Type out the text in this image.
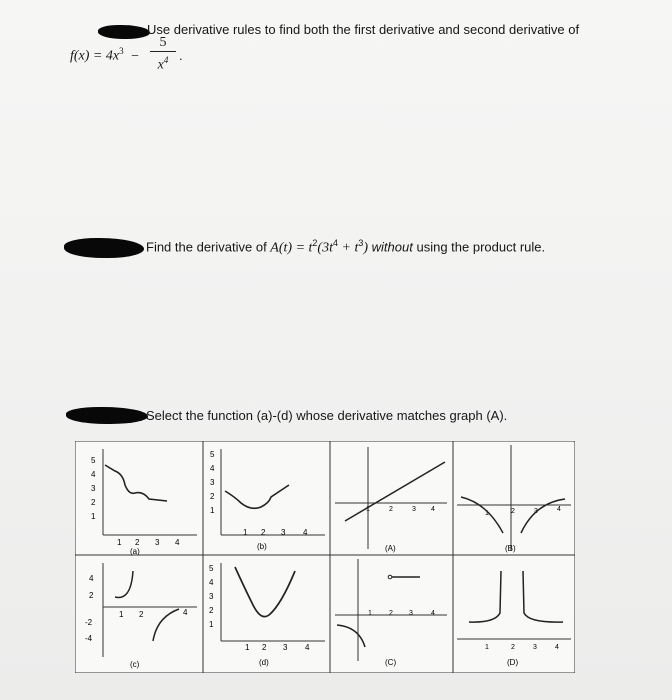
Use derivative rules to find both the first derivative and second derivative of
$f(x) = 4x^3$ −
5
$x^4$ .
Find the derivative of $A(t) = t^2(3t^4 + t^3)$ without using the product rule.
Select the function (a)-(d) whose derivative matches graph (A).
5
4
3
2
1
1 2 3 4
(a)
5
4
3
2
1
1 2 3 4
(b)
1	2	3 4
(A)
1	2	3	4
(B)
4
2
-2
-4
1 2	4
(c)
5
4
3
2
1
1 2 3 4
(d)
1 2 3	4
(C)
1	2	3	4
(D)
